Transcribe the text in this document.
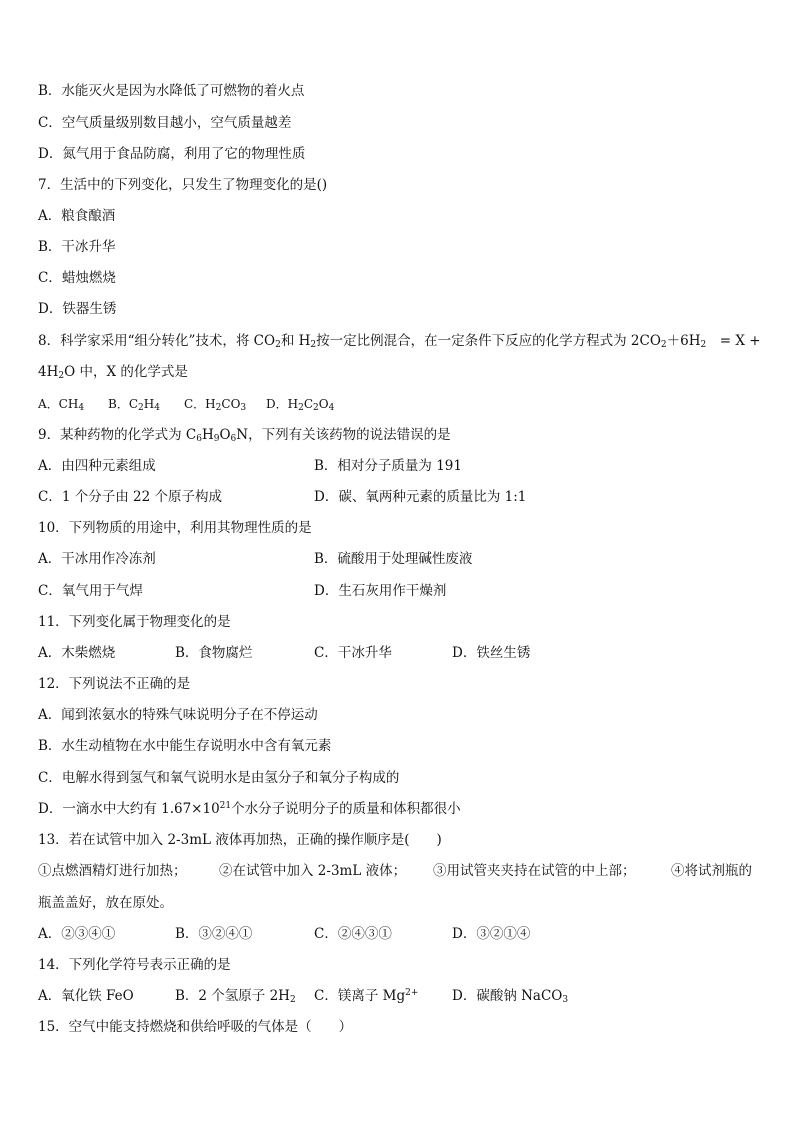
B．水能灭火是因为水降低了可燃物的着火点
C．空气质量级别数目越小，空气质量越差
D．氮气用于食品防腐，利用了它的物理性质
7．生活中的下列变化，只发生了物理变化的是()
A．粮食酿酒
B．干冰升华
C．蜡烛燃烧
D．铁器生锈
8．科学家采用“组分转化”技术，将 $CO_2$和 $H_2$按一定比例混合，在一定条件下反应的化学方程式为 $2CO_2+6H_2$　= X +
$4H_2O$ 中，X 的化学式是
A．$CH_4$ B．$C_2H_4$ C．$H_2CO_3$ D．$H_2C_2O_4$
9．某种药物的化学式为 $C_6H_9O_6N$，下列有关该药物的说法错误的是
A．由四种元素组成	B．相对分子质量为 191
C．1 个分子由 22 个原子构成	D．碳、氧两种元素的质量比为 1:1
10．下列物质的用途中，利用其物理性质的是
A．干冰用作冷冻剂	B．硫酸用于处理碱性废液
C．氧气用于气焊	D．生石灰用作干燥剂
11．下列变化属于物理变化的是
A．木柴燃烧	B．食物腐烂	C．干冰升华	D．铁丝生锈
12．下列说法不正确的是
A．闻到浓氨水的特殊气味说明分子在不停运动
B．水生动植物在水中能生存说明水中含有氧元素
C．电解水得到氢气和氧气说明水是由氢分子和氧分子构成的
D．一滴水中大约有 $1.67\times 10^{21}$个水分子说明分子的质量和体积都很小
13．若在试管中加入 2-3mL 液体再加热，正确的操作顺序是(　　)
①点燃酒精灯进行加热； ②在试管中加入 2-3mL 液体； ③用试管夹夹持在试管的中上部；	④将试剂瓶的
瓶盖盖好，放在原处。
A．②③④①	B．③②④①	C．②④③①	D．③②①④
14．下列化学符号表示正确的是
A．氧化铁 FeO	B．2 个氢原子 $2H_2$ C．镁离子 $Mg^{2+}$ D．碳酸钠 NaCO$_3$
15．空气中能支持燃烧和供给呼吸的气体是（　　）
